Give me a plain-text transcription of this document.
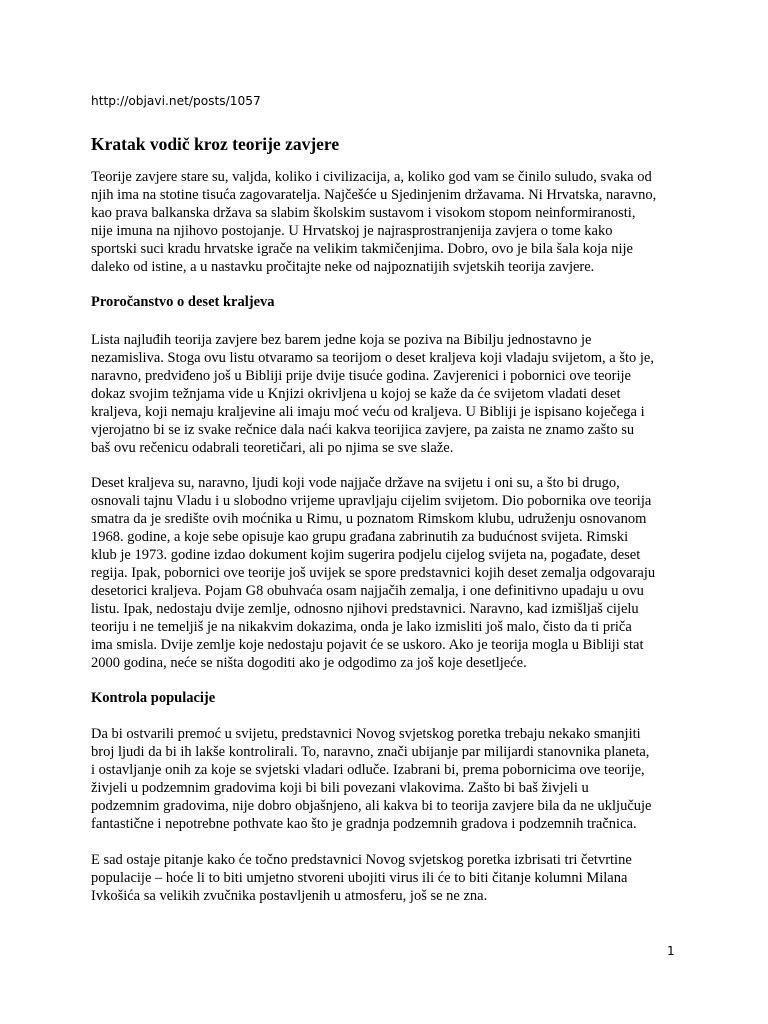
http://objavi.net/posts/1057
Kratak vodič kroz teorije zavjere

Teorije zavjere stare su, valjda, koliko i civilizacija, a, koliko god vam se činilo suludo, svaka od
njih ima na stotine tisuća zagovaratelja. Najčešće u Sjedinjenim državama. Ni Hrvatska, naravno,
kao prava balkanska država sa slabim školskim sustavom i visokom stopom neinformiranosti,
nije imuna na njihovo postojanje. U Hrvatskoj je najrasprostranjenija zavjera o tome kako
sportski suci kradu hrvatske igrače na velikim takmičenjima. Dobro, ovo je bila šala koja nije
daleko od istine, a u nastavku pročitajte neke od najpoznatijih svjetskih teorija zavjere.

Proročanstvo o deset kraljeva

Lista najluđih teorija zavjere bez barem jedne koja se poziva na Bibilju jednostavno je
nezamisliva. Stoga ovu listu otvaramo sa teorijom o deset kraljeva koji vladaju svijetom, a što je,
naravno, predviđeno još u Bibliji prije dvije tisuće godina. Zavjerenici i pobornici ove teorije
dokaz svojim težnjama vide u Knjizi okrivljena u kojoj se kaže da će svijetom vladati deset
kraljeva, koji nemaju kraljevine ali imaju moć veću od kraljeva. U Bibliji je ispisano koječega i
vjerojatno bi se iz svake rečnice dala naći kakva teorijica zavjere, pa zaista ne znamo zašto su
baš ovu rečenicu odabrali teoretičari, ali po njima se sve slaže.

Deset kraljeva su, naravno, ljudi koji vode najjače države na svijetu i oni su, a što bi drugo,
osnovali tajnu Vladu i u slobodno vrijeme upravljaju cijelim svijetom. Dio pobornika ove teorija
smatra da je središte ovih moćnika u Rimu, u poznatom Rimskom klubu, udruženju osnovanom
1968. godine, a koje sebe opisuje kao grupu građana zabrinutih za budućnost svijeta. Rimski
klub je 1973. godine izdao dokument kojim sugerira podjelu cijelog svijeta na, pogađate, deset
regija. Ipak, pobornici ove teorije još uvijek se spore predstavnici kojih deset zemalja odgovaraju
desetorici kraljeva. Pojam G8 obuhvaća osam najjačih zemalja, i one definitivno upadaju u ovu
listu. Ipak, nedostaju dvije zemlje, odnosno njihovi predstavnici. Naravno, kad izmišljaš cijelu
teoriju i ne temeljiš je na nikakvim dokazima, onda je lako izmisliti još malo, čisto da ti priča
ima smisla. Dvije zemlje koje nedostaju pojavit će se uskoro. Ako je teorija mogla u Bibliji stat
2000 godina, neće se ništa dogoditi ako je odgodimo za još koje desetljeće.

Kontrola populacije

Da bi ostvarili premoć u svijetu, predstavnici Novog svjetskog poretka trebaju nekako smanjiti
broj ljudi da bi ih lakše kontrolirali. To, naravno, znači ubijanje par milijardi stanovnika planeta,
i ostavljanje onih za koje se svjetski vladari odluče. Izabrani bi, prema pobornicima ove teorije,
živjeli u podzemnim gradovima koji bi bili povezani vlakovima. Zašto bi baš živjeli u
podzemnim gradovima, nije dobro objašnjeno, ali kakva bi to teorija zavjere bila da ne uključuje
fantastične i nepotrebne pothvate kao što je gradnja podzemnih gradova i podzemnih tračnica.

E sad ostaje pitanje kako će točno predstavnici Novog svjetskog poretka izbrisati tri četvrtine
populacije – hoće li to biti umjetno stvoreni ubojiti virus ili će to biti čitanje kolumni Milana
Ivkošića sa velikih zvučnika postavljenih u atmosferu, još se ne zna.

1
